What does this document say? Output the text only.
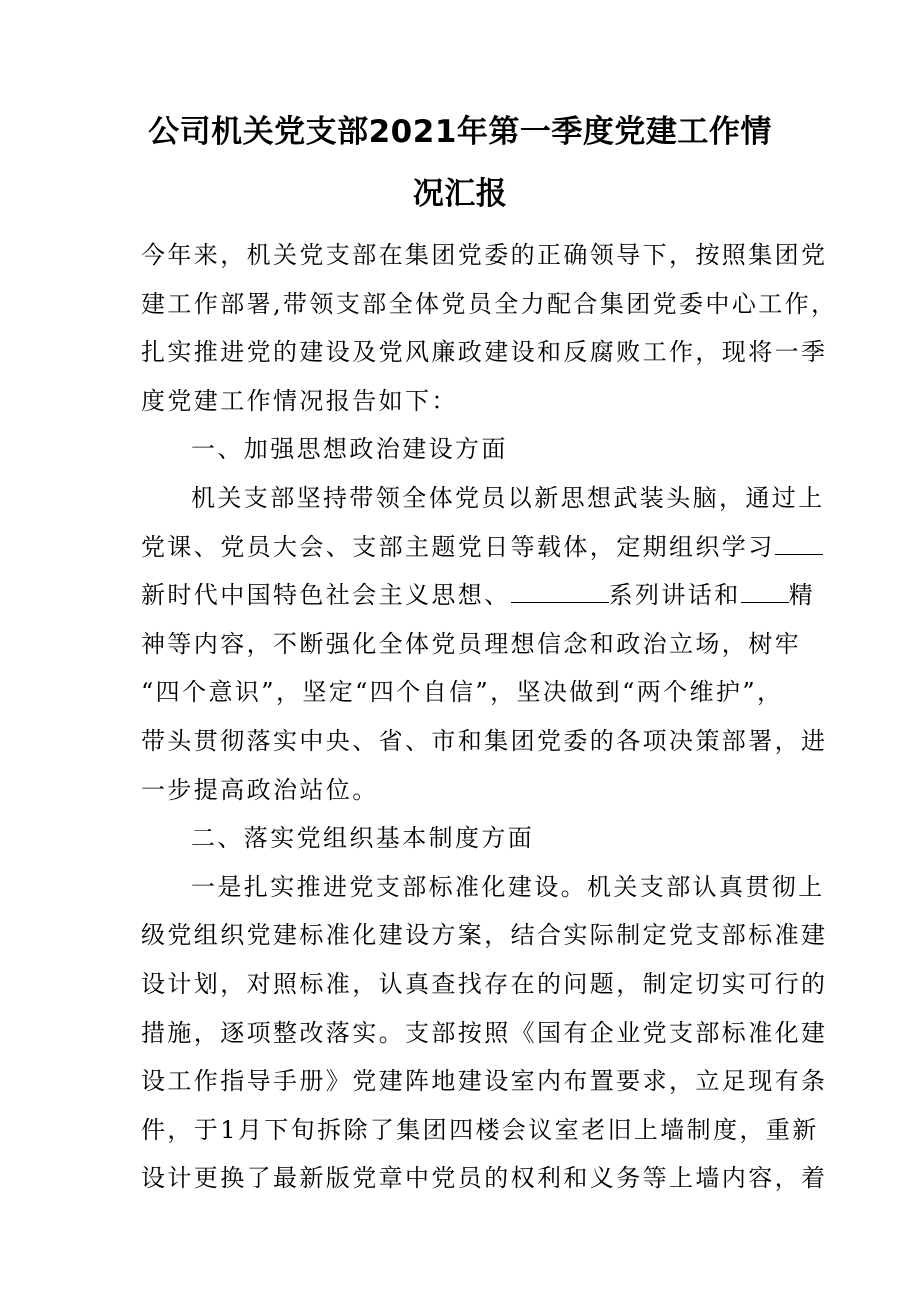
公司机关党支部2021年第一季度党建工作情
况汇报
今年来，机关党支部在集团党委的正确领导下，按照集团党
建工作部署,带领支部全体党员全力配合集团党委中心工作，
扎实推进党的建设及党风廉政建设和反腐败工作，现将一季
度党建工作情况报告如下：
一、加强思想政治建设方面
机关支部坚持带领全体党员以新思想武装头脑，通过上
党课、党员大会、支部主题党日等载体，定期组织学习
新时代中国特色社会主义思想、	系列讲话和 精
神等内容，不断强化全体党员理想信念和政治立场，树牢
“四个意识”，坚定“四个自信”，坚决做到“两个维护”，
带头贯彻落实中央、省、市和集团党委的各项决策部署，进
一步提高政治站位。
二、落实党组织基本制度方面
一是扎实推进党支部标准化建设。机关支部认真贯彻上
级党组织党建标准化建设方案，结合实际制定党支部标准建
设计划，对照标准，认真查找存在的问题，制定切实可行的
措施，逐项整改落实。支部按照《国有企业党支部标准化建
设工作指导手册》党建阵地建设室内布置要求，立足现有条
件，于1月下旬拆除了集团四楼会议室老旧上墙制度，重新
设计更换了最新版党章中党员的权利和义务等上墙内容，着
